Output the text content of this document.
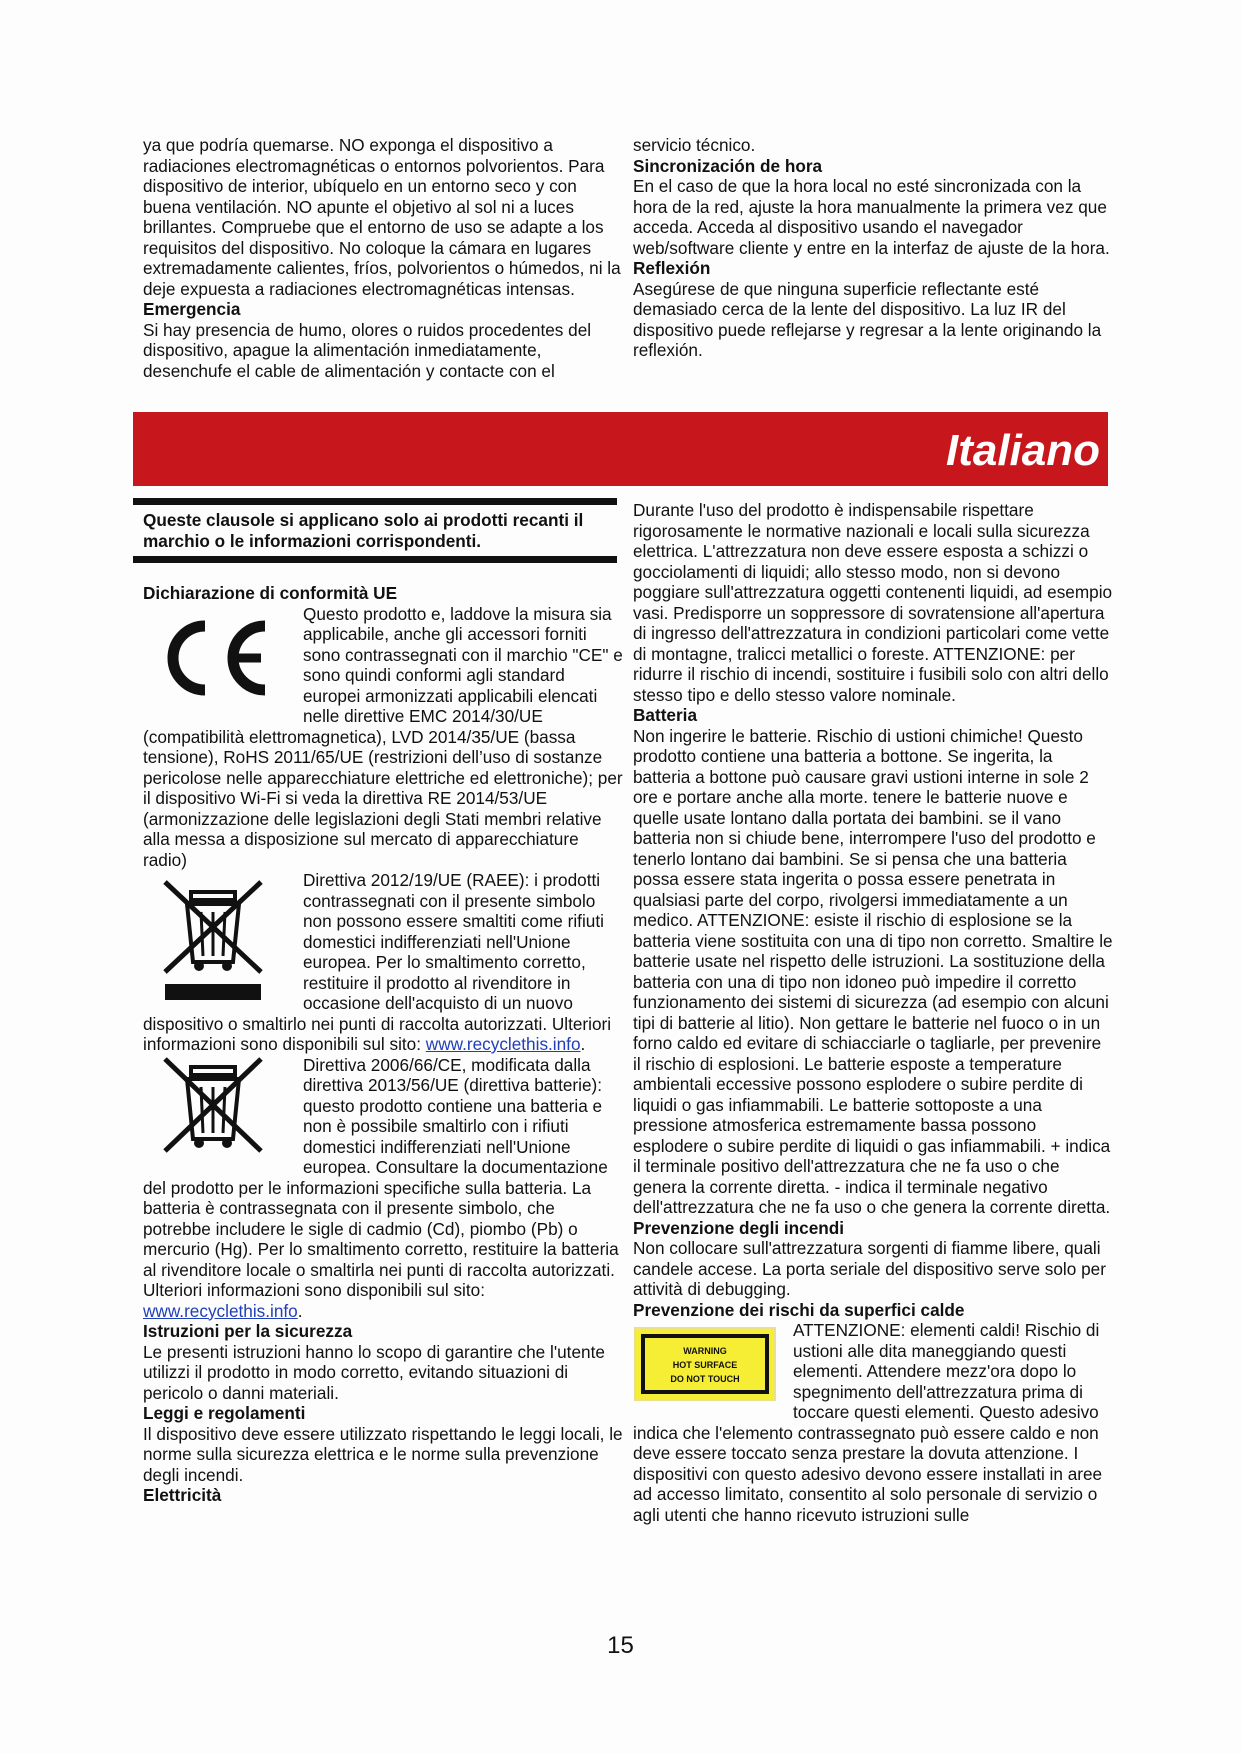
ya que podría quemarse. NO exponga el dispositivo a radiaciones electromagnéticas o entornos polvorientos. Para dispositivo de interior, ubíquelo en un entorno seco y con buena ventilación. NO apunte el objetivo al sol ni a luces brillantes. Compruebe que el entorno de uso se adapte a los requisitos del dispositivo. No coloque la cámara en lugares extremadamente calientes, fríos, polvorientos o húmedos, ni la deje expuesta a radiaciones electromagnéticas intensas.

Emergencia

Si hay presencia de humo, olores o ruidos procedentes del dispositivo, apague la alimentación inmediatamente, desenchufe el cable de alimentación y contacte con el

servicio técnico.

Sincronización de hora

En el caso de que la hora local no esté sincronizada con la hora de la red, ajuste la hora manualmente la primera vez que acceda. Acceda al dispositivo usando el navegador web/software cliente y entre en la interfaz de ajuste de la hora.

Reflexión

Asegúrese de que ninguna superficie reflectante esté demasiado cerca de la lente del dispositivo. La luz IR del dispositivo puede reflejarse y regresar a la lente originando la reflexión.

Italiano
Queste clausole si applicano solo ai prodotti recanti il marchio o le informazioni corrispondenti.

Dichiarazione di conformità UE

Questo prodotto e, laddove la misura sia applicabile, anche gli accessori forniti sono contrassegnati con il marchio "CE" e sono quindi conformi agli standard europei armonizzati applicabili elencati nelle direttive EMC 2014/30/UE (compatibilità elettromagnetica), LVD 2014/35/UE (bassa tensione), RoHS 2011/65/UE (restrizioni dell’uso di sostanze pericolose nelle apparecchiature elettriche ed elettroniche); per il dispositivo Wi-Fi si veda la direttiva RE 2014/53/UE (armonizzazione delle legislazioni degli Stati membri relative alla messa a disposizione sul mercato di apparecchiature radio)

Direttiva 2012/19/UE (RAEE): i prodotti contrassegnati con il presente simbolo non possono essere smaltiti come rifiuti domestici indifferenziati nell'Unione europea. Per lo smaltimento corretto, restituire il prodotto al rivenditore in occasione dell'acquisto di un nuovo dispositivo o smaltirlo nei punti di raccolta autorizzati. Ulteriori informazioni sono disponibili sul sito: www.recyclethis.info.

Direttiva 2006/66/CE, modificata dalla direttiva 2013/56/UE (direttiva batterie): questo prodotto contiene una batteria e non è possibile smaltirlo con i rifiuti domestici indifferenziati nell'Unione europea. Consultare la documentazione del prodotto per le informazioni specifiche sulla batteria. La batteria è contrassegnata con il presente simbolo, che potrebbe includere le sigle di cadmio (Cd), piombo (Pb) o mercurio (Hg). Per lo smaltimento corretto, restituire la batteria al rivenditore locale o smaltirla nei punti di raccolta autorizzati. Ulteriori informazioni sono disponibili sul sito: www.recyclethis.info.

Istruzioni per la sicurezza

Le presenti istruzioni hanno lo scopo di garantire che l'utente utilizzi il prodotto in modo corretto, evitando situazioni di pericolo o danni materiali.

Leggi e regolamenti

Il dispositivo deve essere utilizzato rispettando le leggi locali, le norme sulla sicurezza elettrica e le norme sulla prevenzione degli incendi.

Elettricità

Durante l'uso del prodotto è indispensabile rispettare rigorosamente le normative nazionali e locali sulla sicurezza elettrica. L'attrezzatura non deve essere esposta a schizzi o gocciolamenti di liquidi; allo stesso modo, non si devono poggiare sull'attrezzatura oggetti contenenti liquidi, ad esempio vasi. Predisporre un soppressore di sovratensione all'apertura di ingresso dell'attrezzatura in condizioni particolari come vette di montagne, tralicci metallici o foreste. ATTENZIONE: per ridurre il rischio di incendi, sostituire i fusibili solo con altri dello stesso tipo e dello stesso valore nominale.

Batteria

Non ingerire le batterie. Rischio di ustioni chimiche! Questo prodotto contiene una batteria a bottone. Se ingerita, la batteria a bottone può causare gravi ustioni interne in sole 2 ore e portare anche alla morte. tenere le batterie nuove e quelle usate lontano dalla portata dei bambini. se il vano batteria non si chiude bene, interrompere l'uso del prodotto e tenerlo lontano dai bambini. Se si pensa che una batteria possa essere stata ingerita o possa essere penetrata in qualsiasi parte del corpo, rivolgersi immediatamente a un medico. ATTENZIONE: esiste il rischio di esplosione se la batteria viene sostituita con una di tipo non corretto. Smaltire le batterie usate nel rispetto delle istruzioni. La sostituzione della batteria con una di tipo non idoneo può impedire il corretto funzionamento dei sistemi di sicurezza (ad esempio con alcuni tipi di batterie al litio). Non gettare le batterie nel fuoco o in un forno caldo ed evitare di schiacciarle o tagliarle, per prevenire il rischio di esplosioni. Le batterie esposte a temperature ambientali eccessive possono esplodere o subire perdite di liquidi o gas infiammabili. Le batterie sottoposte a una pressione atmosferica estremamente bassa possono esplodere o subire perdite di liquidi o gas infiammabili. + indica il terminale positivo dell'attrezzatura che ne fa uso o che genera la corrente diretta. - indica il terminale negativo dell'attrezzatura che ne fa uso o che genera la corrente diretta.

Prevenzione degli incendi

Non collocare sull'attrezzatura sorgenti di fiamme libere, quali candele accese. La porta seriale del dispositivo serve solo per attività di debugging.

Prevenzione dei rischi da superfici calde

WARNING
HOT SURFACE
DO NOT TOUCH

ATTENZIONE: elementi caldi! Rischio di ustioni alle dita maneggiando questi elementi. Attendere mezz'ora dopo lo spegnimento dell'attrezzatura prima di toccare questi elementi. Questo adesivo indica che l'elemento contrassegnato può essere caldo e non deve essere toccato senza prestare la dovuta attenzione. I dispositivi con questo adesivo devono essere installati in aree ad accesso limitato, consentito al solo personale di servizio o agli utenti che hanno ricevuto istruzioni sulle

15
